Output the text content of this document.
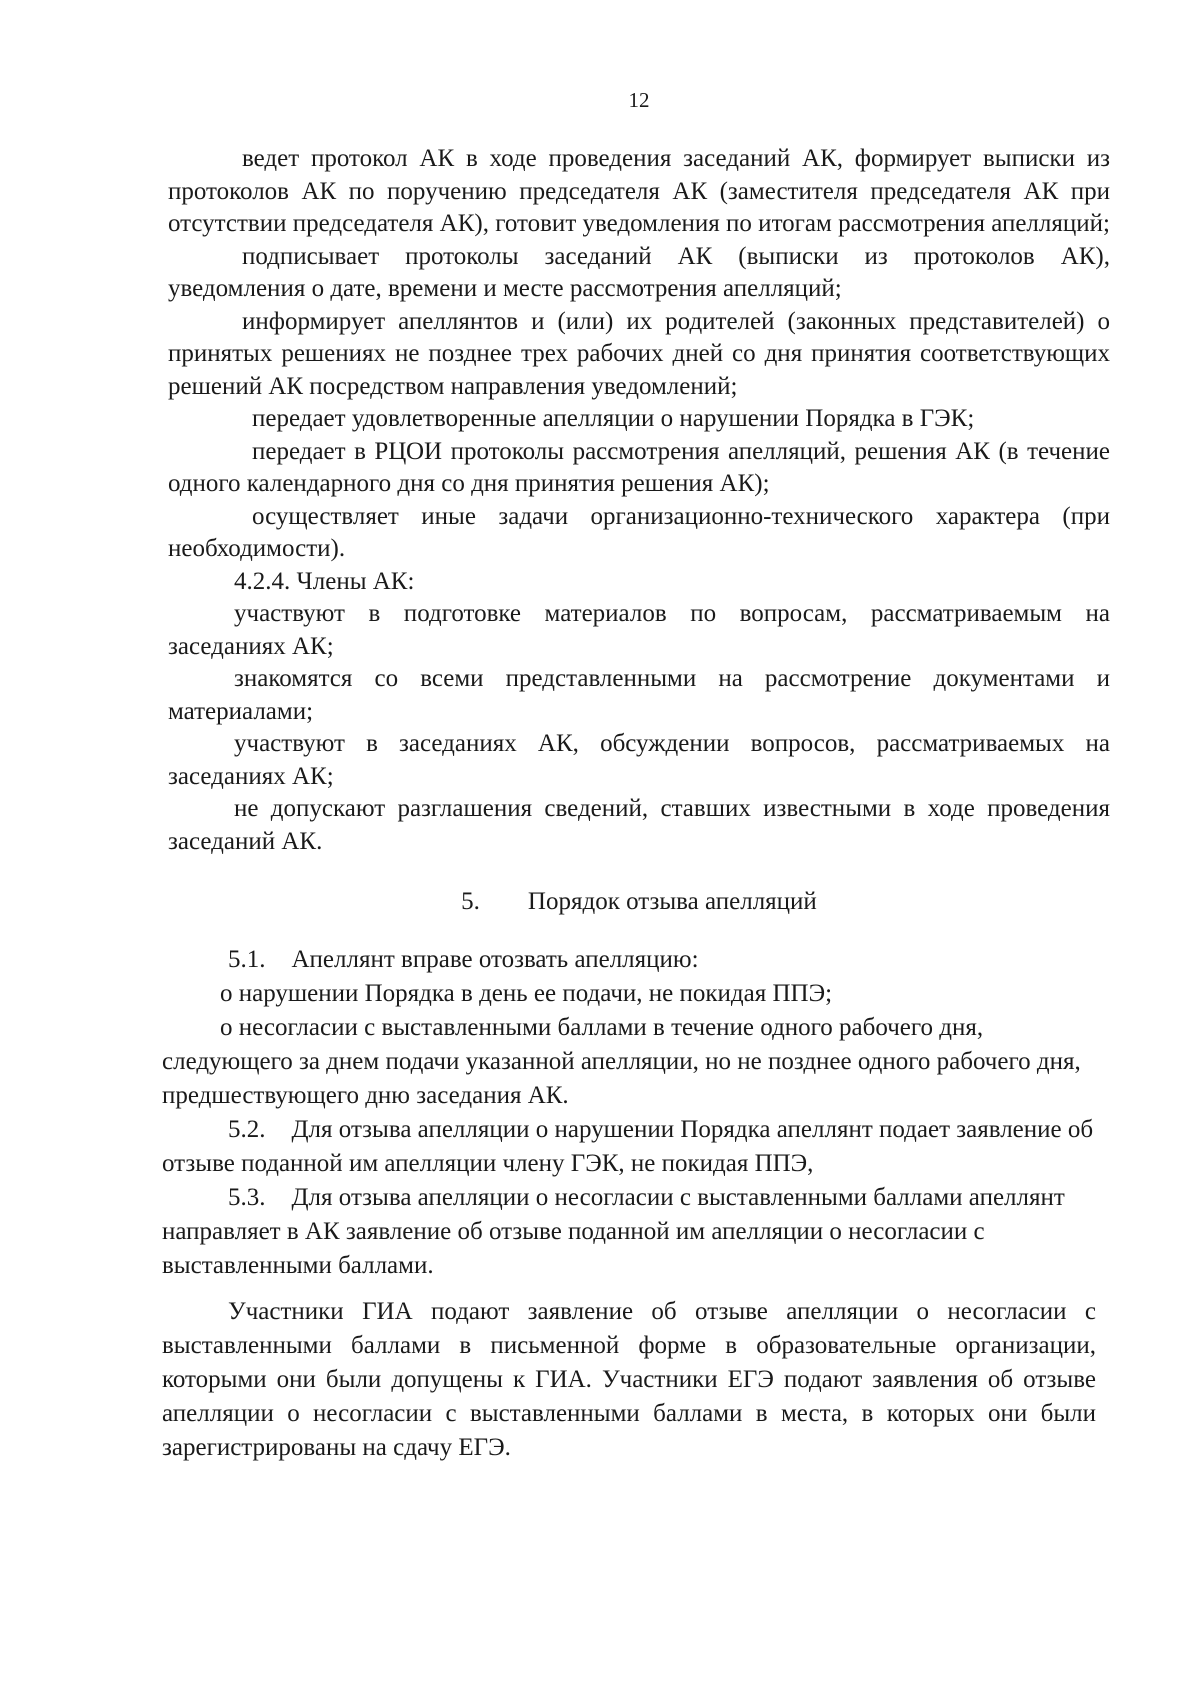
12

ведет протокол АК в ходе проведения заседаний АК, формирует выписки из протоколов АК по поручению председателя АК (заместителя председателя АК при отсутствии председателя АК), готовит уведомления по итогам рассмотрения апелляций;

подписывает протоколы заседаний АК (выписки из протоколов АК), уведомления о дате, времени и месте рассмотрения апелляций;

информирует апеллянтов и (или) их родителей (законных представителей) о принятых решениях не позднее трех рабочих дней со дня принятия соответствующих решений АК посредством направления уведомлений;

передает удовлетворенные апелляции о нарушении Порядка в ГЭК;

передает в РЦОИ протоколы рассмотрения апелляций, решения АК (в течение одного календарного дня со дня принятия решения АК);

осуществляет иные задачи организационно-технического характера (при необходимости).

4.2.4. Члены АК:

участвуют в подготовке материалов по вопросам, рассматриваемым на заседаниях АК;

знакомятся со всеми представленными на рассмотрение документами и материалами;

участвуют в заседаниях АК, обсуждении вопросов, рассматриваемых на заседаниях АК;

не допускают разглашения сведений, ставших известными в ходе проведения заседаний АК.

5. Порядок отзыва апелляций

5.1. Апеллянт вправе отозвать апелляцию:

о нарушении Порядка в день ее подачи, не покидая ППЭ;

о несогласии с выставленными баллами в течение одного рабочего дня, следующего за днем подачи указанной апелляции, но не позднее одного рабочего дня, предшествующего дню заседания АК.

5.2. Для отзыва апелляции о нарушении Порядка апеллянт подает заявление об отзыве поданной им апелляции члену ГЭК, не покидая ППЭ,

5.3. Для отзыва апелляции о несогласии с выставленными баллами апеллянт направляет в АК заявление об отзыве поданной им апелляции о несогласии с выставленными баллами.

Участники ГИА подают заявление об отзыве апелляции о несогласии с выставленными баллами в письменной форме в образовательные организации, которыми они были допущены к ГИА. Участники ЕГЭ подают заявления об отзыве апелляции о несогласии с выставленными баллами в места, в которых они были зарегистрированы на сдачу ЕГЭ.
